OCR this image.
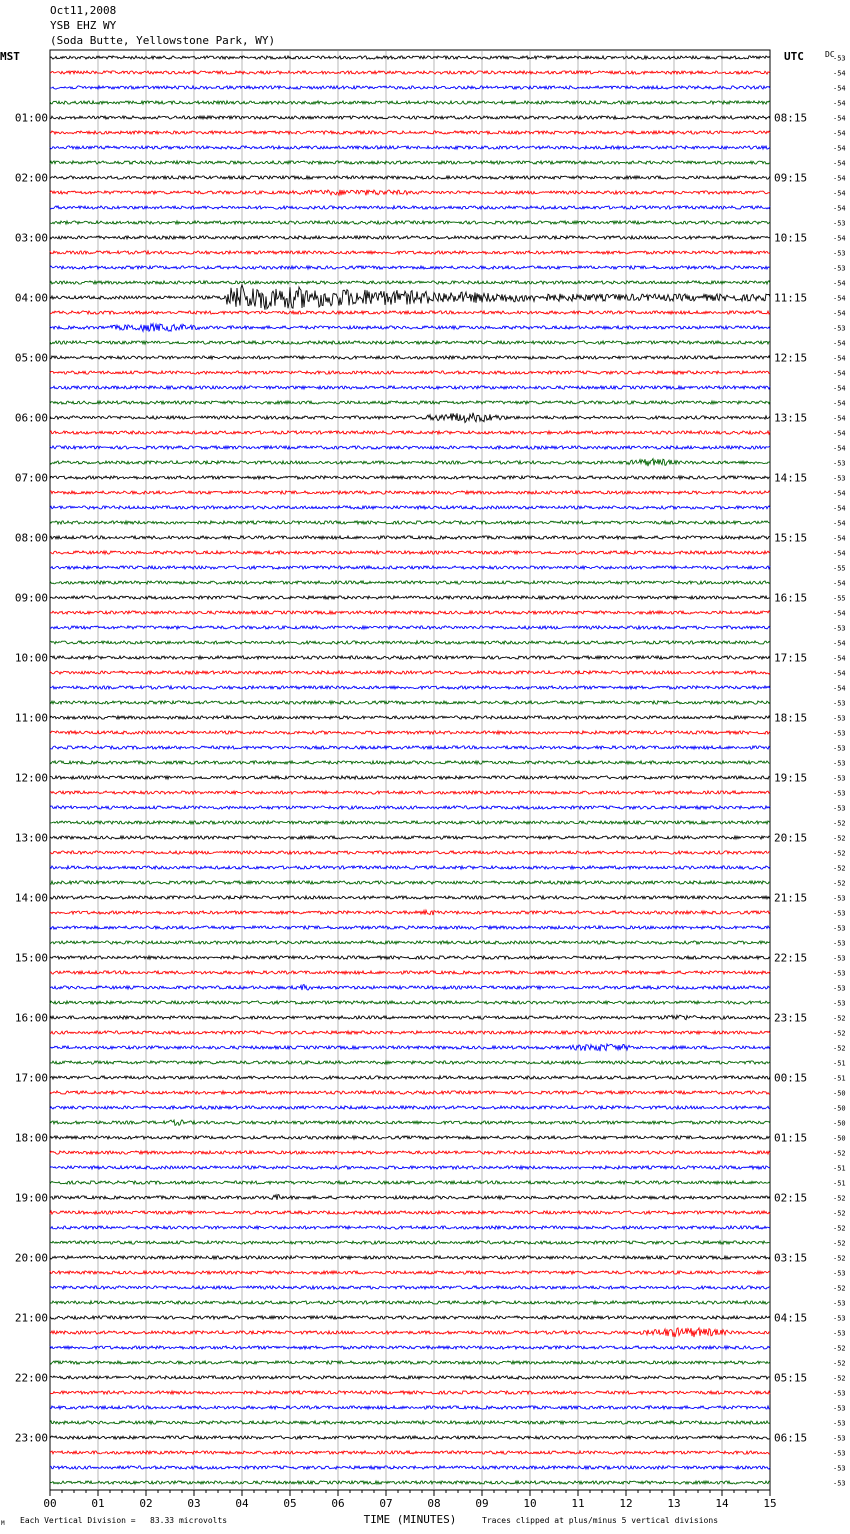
00	01	02	03	04	05	06	07	08	09	10	11	12	13	14	15
TIME (MINUTES)
01:00
02:00
03:00
04:00
05:00
06:00
07:00
08:00
09:00
10:00
11:00
12:00
13:00
14:00
15:00
16:00
17:00
18:00
19:00
20:00
21:00
22:00
23:00
08:15
09:15
10:15
11:15
12:15
13:15
14:15
15:15
16:15
17:15
18:15
19:15
20:15
21:15
22:15
23:15
00:15
01:15
02:15
03:15
04:15
05:15
06:15
-53
-54
-54
-54
-54
-54
-54
-54
-54
-54
-54
-53
-54
-53
-53
-54
-54
-54
-53
-54
-54
-54
-54
-54
-54
-54
-54
-53
-53
-54
-54
-54
-54
-54
-55
-54
-55
-54
-53
-54
-54
-54
-54
-53
-53
-53
-53
-53
-53
-53
-53
-52
-52
-52
-52
-52
-53
-53
-53
-53
-53
-53
-53
-53
-52
-52
-52
-51
-51
-50
-50
-50
-50
-52
-51
-51
-52
-52
-52
-52
-52
-53
-52
-53
-53
-53
-52
-52
-52
-53
-53
-53
-53
-53
-53
-53
Oct11,2008
YSB EHZ WY
(Soda Butte, Yellowstone Park, WY)
MST	UTC	DC
Each Vertical Division =   83.33 microvolts	Traces clipped at plus/minus 5 vertical divisions
M
